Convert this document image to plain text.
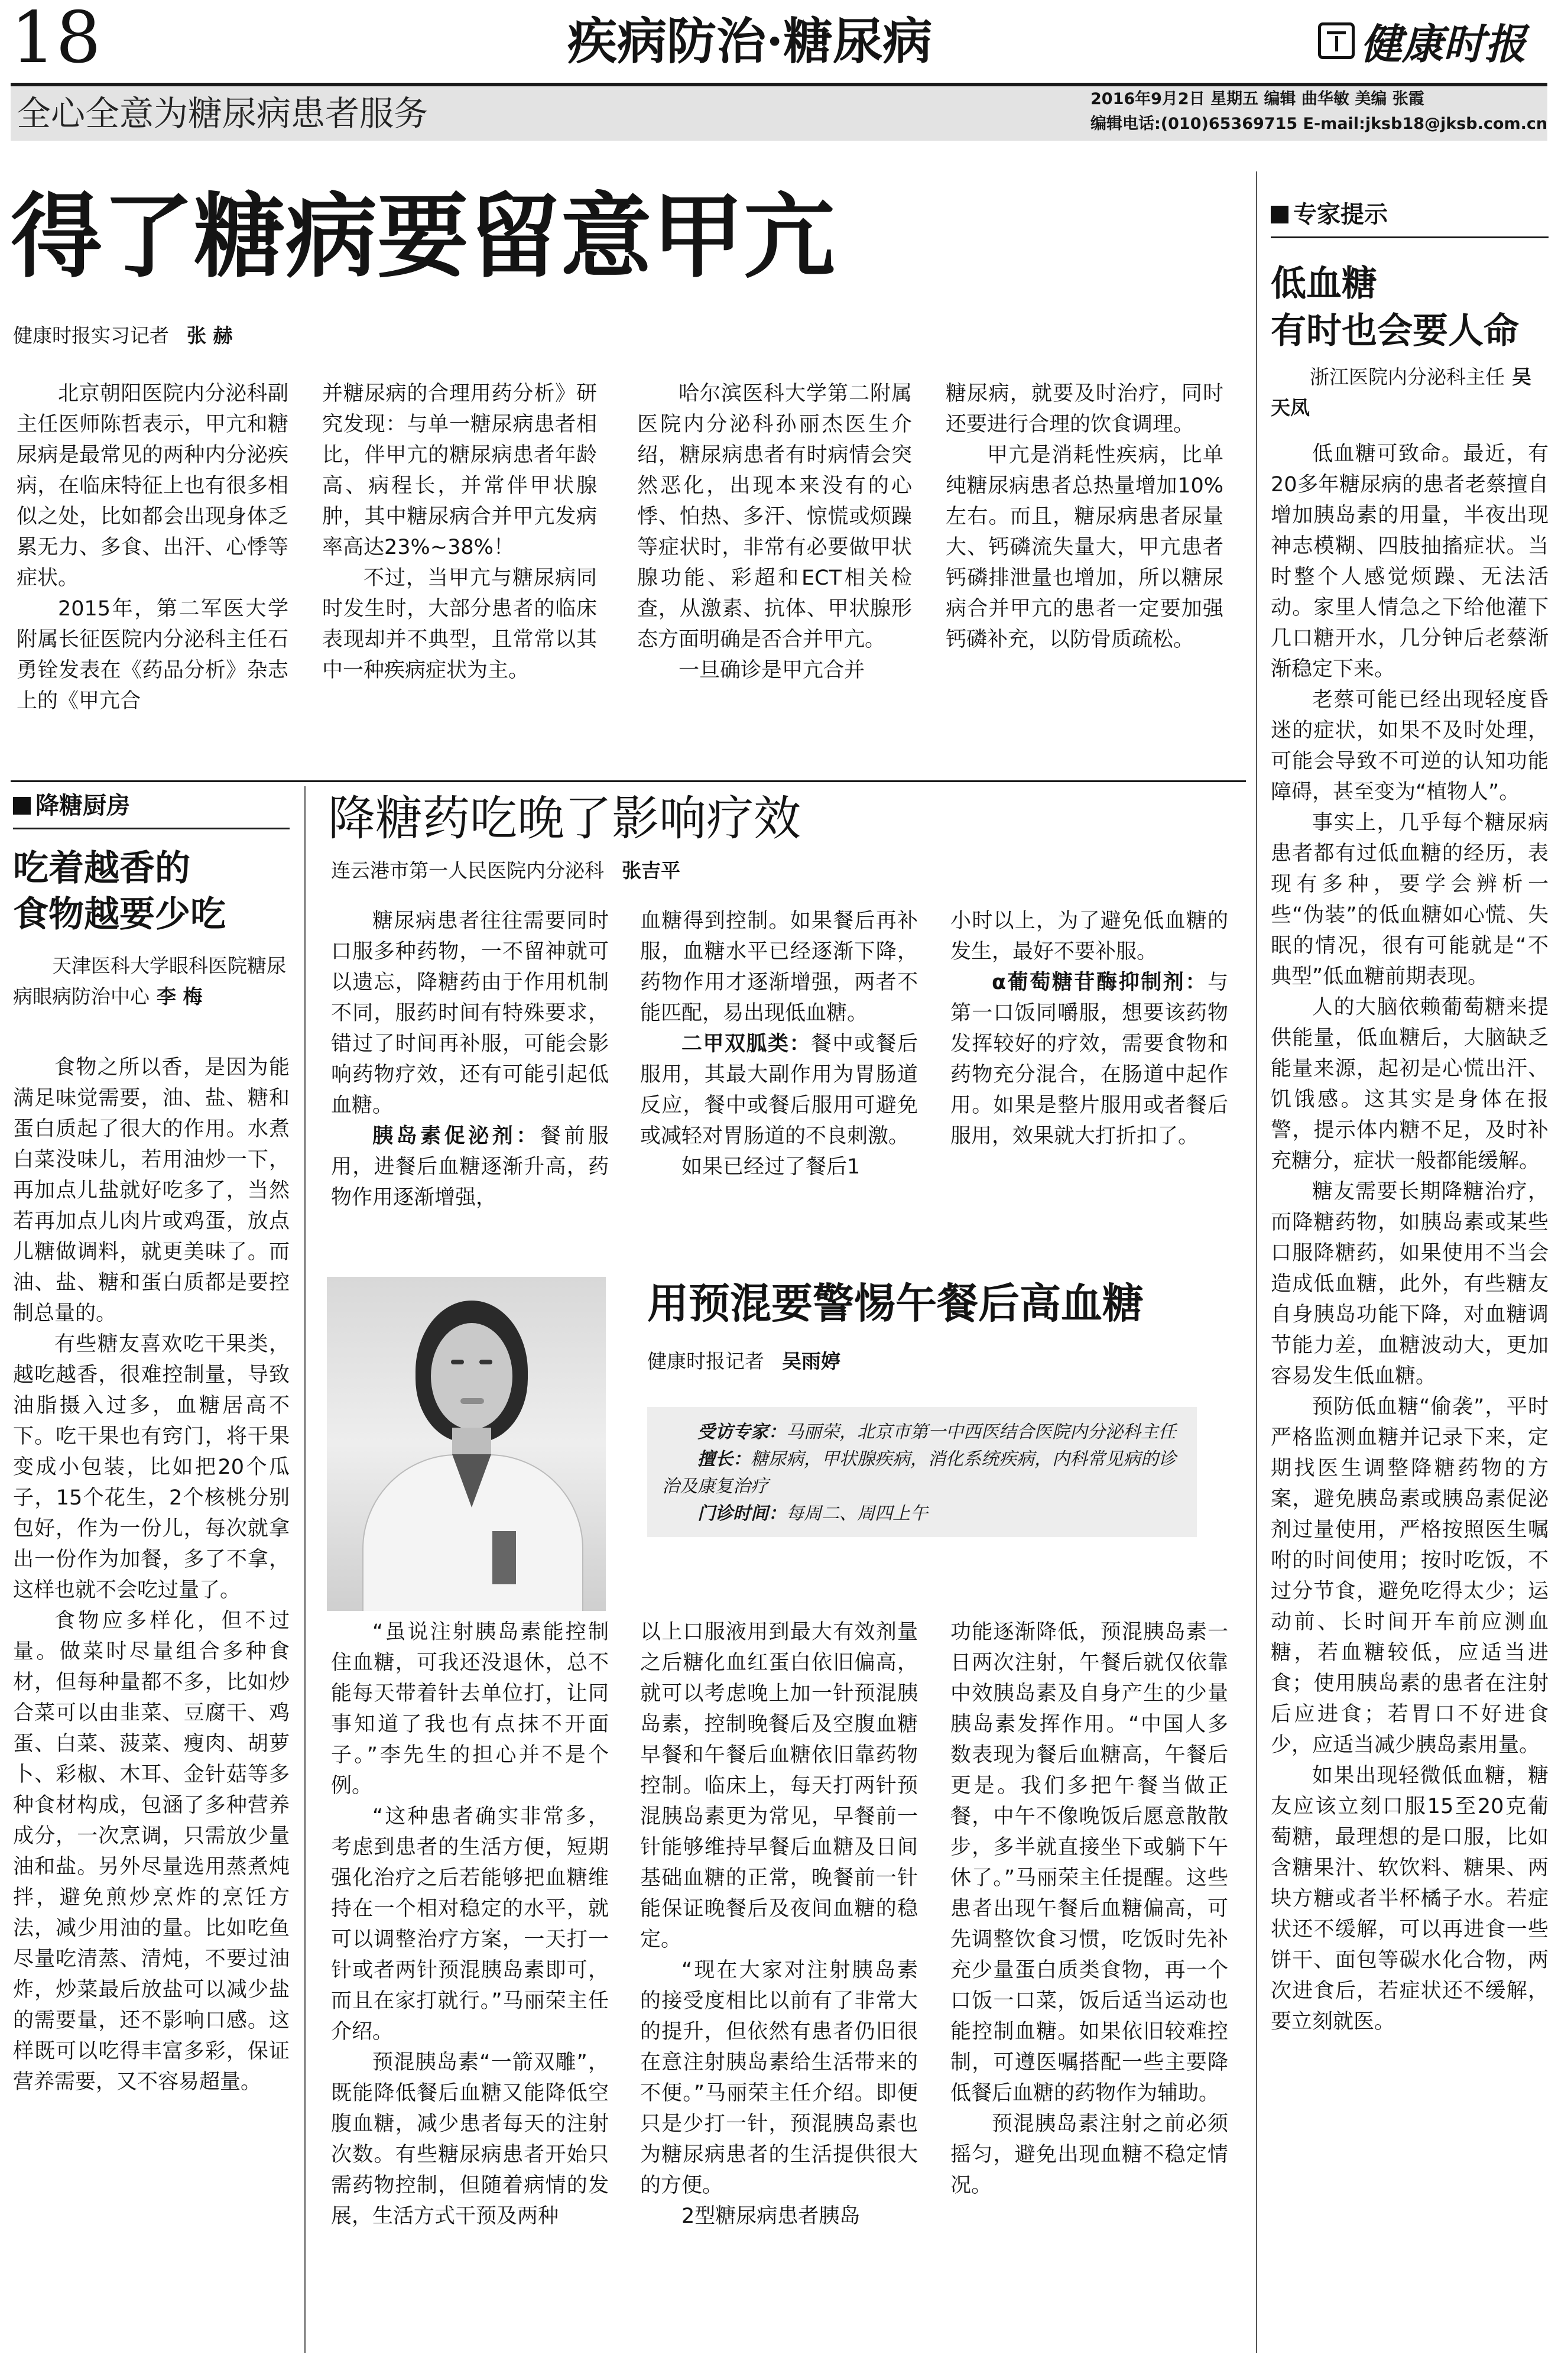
18	疾病防治·糖尿病	健康时报
全心全意为糖尿病患者服务	2016年9月2日 星期五 编辑 曲华敏 美编 张霞
编辑电话:(010)65369715 E-mail:jksb18@jksb.com.cn
得了糖病要留意甲亢
健康时报实习记者 张 赫

北京朝阳医院内分泌科副主任医师陈哲表示，甲亢和糖尿病是最常见的两种内分泌疾病，在临床特征上也有很多相似之处，比如都会出现身体乏累无力、多食、出汗、心悸等症状。

2015年，第二军医大学附属长征医院内分泌科主任石勇铨发表在《药品分析》杂志上的《甲亢合

并糖尿病的合理用药分析》研究发现：与单一糖尿病患者相比，伴甲亢的糖尿病患者年龄高、病程长，并常伴甲状腺肿，其中糖尿病合并甲亢发病率高达23%~38%！

不过，当甲亢与糖尿病同时发生时，大部分患者的临床表现却并不典型，且常常以其中一种疾病症状为主。

哈尔滨医科大学第二附属医院内分泌科孙丽杰医生介绍，糖尿病患者有时病情会突然恶化，出现本来没有的心悸、怕热、多汗、惊慌或烦躁等症状时，非常有必要做甲状腺功能、彩超和ECT相关检查，从激素、抗体、甲状腺形态方面明确是否合并甲亢。

一旦确诊是甲亢合并

糖尿病，就要及时治疗，同时还要进行合理的饮食调理。

甲亢是消耗性疾病，比单纯糖尿病患者总热量增加10%左右。而且，糖尿病患者尿量大、钙磷流失量大，甲亢患者钙磷排泄量也增加，所以糖尿病合并甲亢的患者一定要加强钙磷补充，以防骨质疏松。

专家提示
低血糖
有时也会要人命
浙江医院内分泌科主任 吴天凤

低血糖可致命。最近，有20多年糖尿病的患者老蔡擅自增加胰岛素的用量，半夜出现神志模糊、四肢抽搐症状。当时整个人感觉烦躁、无法活动。家里人情急之下给他灌下几口糖开水，几分钟后老蔡渐渐稳定下来。

老蔡可能已经出现轻度昏迷的症状，如果不及时处理，可能会导致不可逆的认知功能障碍，甚至变为“植物人”。

事实上，几乎每个糖尿病患者都有过低血糖的经历，表现有多种，要学会辨析一些“伪装”的低血糖如心慌、失眠的情况，很有可能就是“不典型”低血糖前期表现。

人的大脑依赖葡萄糖来提供能量，低血糖后，大脑缺乏能量来源，起初是心慌出汗、饥饿感。这其实是身体在报警，提示体内糖不足，及时补充糖分，症状一般都能缓解。

糖友需要长期降糖治疗，而降糖药物，如胰岛素或某些口服降糖药，如果使用不当会造成低血糖，此外，有些糖友自身胰岛功能下降，对血糖调节能力差，血糖波动大，更加容易发生低血糖。

预防低血糖“偷袭”，平时严格监测血糖并记录下来，定期找医生调整降糖药物的方案，避免胰岛素或胰岛素促泌剂过量使用，严格按照医生嘱咐的时间使用；按时吃饭，不过分节食，避免吃得太少；运动前、长时间开车前应测血糖，若血糖较低，应适当进食；使用胰岛素的患者在注射后应进食；若胃口不好进食少，应适当减少胰岛素用量。

如果出现轻微低血糖，糖友应该立刻口服15至20克葡萄糖，最理想的是口服，比如含糖果汁、软饮料、糖果、两块方糖或者半杯橘子水。若症状还不缓解，可以再进食一些饼干、面包等碳水化合物，两次进食后，若症状还不缓解，要立刻就医。

降糖厨房
吃着越香的
食物越要少吃
天津医科大学眼科医院糖尿病眼病防治中心 李 梅

食物之所以香，是因为能满足味觉需要，油、盐、糖和蛋白质起了很大的作用。水煮白菜没味儿，若用油炒一下，再加点儿盐就好吃多了，当然若再加点儿肉片或鸡蛋，放点儿糖做调料，就更美味了。而油、盐、糖和蛋白质都是要控制总量的。

有些糖友喜欢吃干果类，越吃越香，很难控制量，导致油脂摄入过多，血糖居高不下。吃干果也有窍门，将干果变成小包装，比如把20个瓜子，15个花生，2个核桃分别包好，作为一份儿，每次就拿出一份作为加餐，多了不拿，这样也就不会吃过量了。

食物应多样化，但不过量。做菜时尽量组合多种食材，但每种量都不多，比如炒合菜可以由韭菜、豆腐干、鸡蛋、白菜、菠菜、瘦肉、胡萝卜、彩椒、木耳、金针菇等多种食材构成，包涵了多种营养成分，一次烹调，只需放少量油和盐。另外尽量选用蒸煮炖拌，避免煎炒烹炸的烹饪方法，减少用油的量。比如吃鱼尽量吃清蒸、清炖，不要过油炸，炒菜最后放盐可以减少盐的需要量，还不影响口感。这样既可以吃得丰富多彩，保证营养需要，又不容易超量。

降糖药吃晚了影响疗效
连云港市第一人民医院内分泌科 张吉平

糖尿病患者往往需要同时口服多种药物，一不留神就可以遗忘，降糖药由于作用机制不同，服药时间有特殊要求，错过了时间再补服，可能会影响药物疗效，还有可能引起低血糖。

胰岛素促泌剂：餐前服用，进餐后血糖逐渐升高，药物作用逐渐增强，

血糖得到控制。如果餐后再补服，血糖水平已经逐渐下降，药物作用才逐渐增强，两者不能匹配，易出现低血糖。

二甲双胍类：餐中或餐后服用，其最大副作用为胃肠道反应，餐中或餐后服用可避免或减轻对胃肠道的不良刺激。

如果已经过了餐后1

小时以上，为了避免低血糖的发生，最好不要补服。

α葡萄糖苷酶抑制剂：与第一口饭同嚼服，想要该药物发挥较好的疗效，需要食物和药物充分混合，在肠道中起作用。如果是整片服用或者餐后服用，效果就大打折扣了。

用预混要警惕午餐后高血糖
健康时报记者 吴雨婷

受访专家：马丽荣，北京市第一中西医结合医院内分泌科主任

擅长：糖尿病，甲状腺疾病，消化系统疾病，内科常见病的诊治及康复治疗

门诊时间：每周二、周四上午

“虽说注射胰岛素能控制住血糖，可我还没退休，总不能每天带着针去单位打，让同事知道了我也有点抹不开面子。”李先生的担心并不是个例。

“这种患者确实非常多，考虑到患者的生活方便，短期强化治疗之后若能够把血糖维持在一个相对稳定的水平，就可以调整治疗方案，一天打一针或者两针预混胰岛素即可，而且在家打就行。”马丽荣主任介绍。

预混胰岛素“一箭双雕”，既能降低餐后血糖又能降低空腹血糖，减少患者每天的注射次数。有些糖尿病患者开始只需药物控制，但随着病情的发展，生活方式干预及两种

以上口服液用到最大有效剂量之后糖化血红蛋白依旧偏高，就可以考虑晚上加一针预混胰岛素，控制晚餐后及空腹血糖早餐和午餐后血糖依旧靠药物控制。临床上，每天打两针预混胰岛素更为常见，早餐前一针能够维持早餐后血糖及日间基础血糖的正常，晚餐前一针能保证晚餐后及夜间血糖的稳定。

“现在大家对注射胰岛素的接受度相比以前有了非常大的提升，但依然有患者仍旧很在意注射胰岛素给生活带来的不便。”马丽荣主任介绍。即便只是少打一针，预混胰岛素也为糖尿病患者的生活提供很大的方便。

2型糖尿病患者胰岛

功能逐渐降低，预混胰岛素一日两次注射，午餐后就仅依靠中效胰岛素及自身产生的少量胰岛素发挥作用。“中国人多数表现为餐后血糖高，午餐后更是。我们多把午餐当做正餐，中午不像晚饭后愿意散散步，多半就直接坐下或躺下午休了。”马丽荣主任提醒。这些患者出现午餐后血糖偏高，可先调整饮食习惯，吃饭时先补充少量蛋白质类食物，再一个口饭一口菜，饭后适当运动也能控制血糖。如果依旧较难控制，可遵医嘱搭配一些主要降低餐后血糖的药物作为辅助。

预混胰岛素注射之前必须摇匀，避免出现血糖不稳定情况。
